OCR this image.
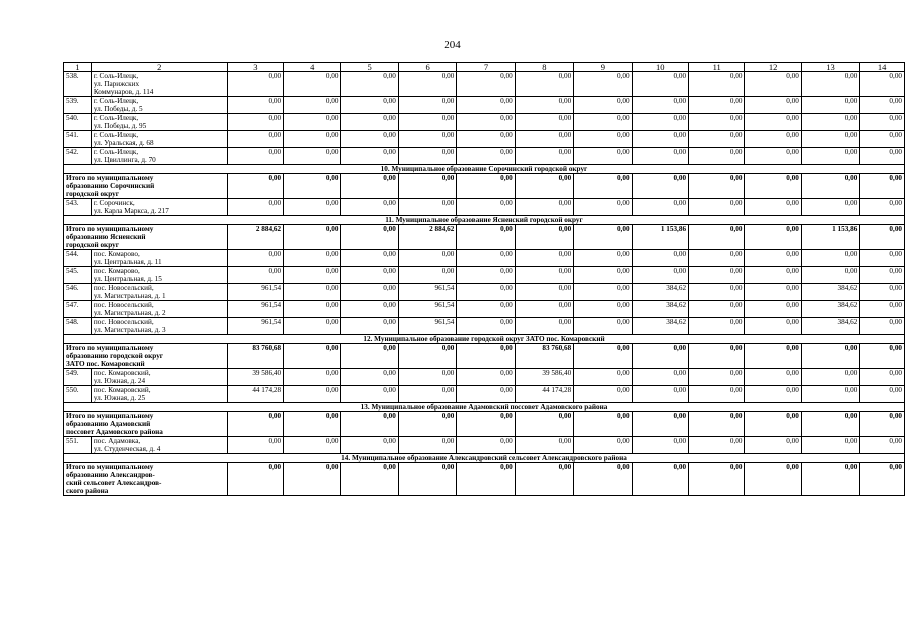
204
1	2	3	4	5	6	7	8	9	10	11	12	13	14
538.	г. Соль-Илецк,
ул. Парижских
Коммунаров, д. 114	0,00	0,00	0,00	0,00	0,00	0,00	0,00	0,00	0,00	0,00	0,00	0,00
539.	г. Соль-Илецк,
ул. Победы, д. 5	0,00	0,00	0,00	0,00	0,00	0,00	0,00	0,00	0,00	0,00	0,00	0,00
540.	г. Соль-Илецк,
ул. Победы, д. 95	0,00	0,00	0,00	0,00	0,00	0,00	0,00	0,00	0,00	0,00	0,00	0,00
541.	г. Соль-Илецк,
ул. Уральская, д. 68	0,00	0,00	0,00	0,00	0,00	0,00	0,00	0,00	0,00	0,00	0,00	0,00
542.	г. Соль-Илецк,
ул. Цвиллинга, д. 70	0,00	0,00	0,00	0,00	0,00	0,00	0,00	0,00	0,00	0,00	0,00	0,00
10. Муниципальное образование Сорочинский городской округ													

Итого по муниципальному
образованию Сорочинский
городской округ		0,00	0,00	0,00	0,00	0,00	0,00	0,00	0,00	0,00	0,00	0,00	0,00
543.	г. Сорочинск,
ул. Карла Маркса, д. 217	0,00	0,00	0,00	0,00	0,00	0,00	0,00	0,00	0,00	0,00	0,00	0,00
11. Муниципальное образование Ясненский городской округ													

Итого по муниципальному
образованию Ясненский
городской округ		2 884,62	0,00	0,00	2 884,62	0,00	0,00	0,00	1 153,86	0,00	0,00	1 153,86	0,00
544.	пос. Комарово,
ул. Центральная, д. 11	0,00	0,00	0,00	0,00	0,00	0,00	0,00	0,00	0,00	0,00	0,00	0,00
545.	пос. Комарово,
ул. Центральная, д. 15	0,00	0,00	0,00	0,00	0,00	0,00	0,00	0,00	0,00	0,00	0,00	0,00
546.	пос. Новосельский,
ул. Магистральная, д. 1	961,54	0,00	0,00	961,54	0,00	0,00	0,00	384,62	0,00	0,00	384,62	0,00
547.	пос. Новосельский,
ул. Магистральная, д. 2	961,54	0,00	0,00	961,54	0,00	0,00	0,00	384,62	0,00	0,00	384,62	0,00
548.	пос. Новосельский,
ул. Магистральная, д. 3	961,54	0,00	0,00	961,54	0,00	0,00	0,00	384,62	0,00	0,00	384,62	0,00
12. Муниципальное образование городской округ ЗАТО пос. Комаровский													

Итого по муниципальному
образованию городской округ
ЗАТО пос. Комаровский		83 760,68	0,00	0,00	0,00	0,00	83 760,68	0,00	0,00	0,00	0,00	0,00	0,00
549.	пос. Комаровский,
ул. Южная, д. 24	39 586,40	0,00	0,00	0,00	0,00	39 586,40	0,00	0,00	0,00	0,00	0,00	0,00
550.	пос. Комаровский,
ул. Южная, д. 25	44 174,28	0,00	0,00	0,00	0,00	44 174,28	0,00	0,00	0,00	0,00	0,00	0,00
13. Муниципальное образование Адамовский поссовет Адамовского района													

Итого по муниципальному
образованию Адамовский
поссовет Адамовского района		0,00	0,00	0,00	0,00	0,00	0,00	0,00	0,00	0,00	0,00	0,00	0,00
551.	пос. Адамовка,
ул. Студенческая, д. 4	0,00	0,00	0,00	0,00	0,00	0,00	0,00	0,00	0,00	0,00	0,00	0,00
14. Муниципальное образование Александровский сельсовет Александровского района													

Итого по муниципальному
образованию Александров-
ский сельсовет Александров-
ского района		0,00	0,00	0,00	0,00	0,00	0,00	0,00	0,00	0,00	0,00	0,00	0,00
